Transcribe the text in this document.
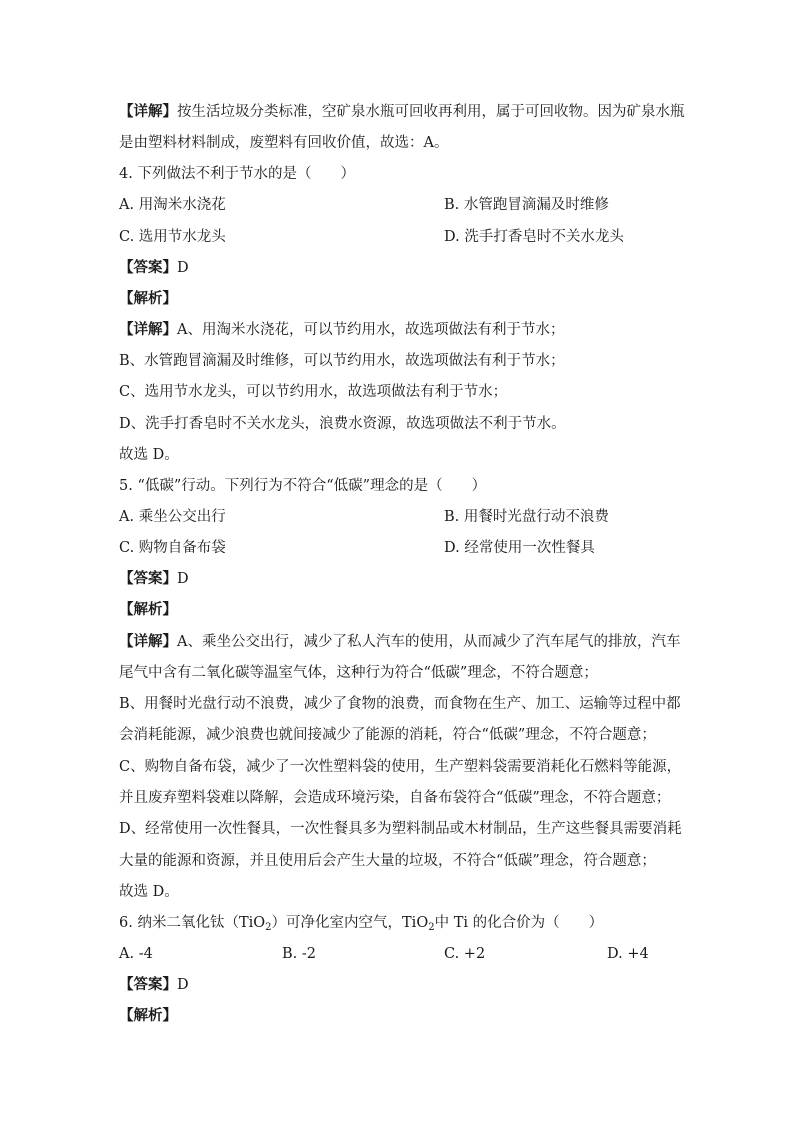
【详解】按生活垃圾分类标准，空矿泉水瓶可回收再利用，属于可回收物。因为矿泉水瓶
是由塑料材料制成，废塑料有回收价值，故选：A。
4. 下列做法不利于节水的是（　　）
A. 用淘米水浇花	B. 水管跑冒滴漏及时维修
C. 选用节水龙头	D. 洗手打香皂时不关水龙头
【答案】D
【解析】
【详解】A、用淘米水浇花，可以节约用水，故选项做法有利于节水；
B、水管跑冒滴漏及时维修，可以节约用水，故选项做法有利于节水；
C、选用节水龙头，可以节约用水，故选项做法有利于节水；
D、洗手打香皂时不关水龙头，浪费水资源，故选项做法不利于节水。
故选 D。
5. “低碳”行动。下列行为不符合“低碳”理念的是（　　）
A. 乘坐公交出行	B. 用餐时光盘行动不浪费
C. 购物自备布袋	D. 经常使用一次性餐具
【答案】D
【解析】
【详解】A、乘坐公交出行，减少了私人汽车的使用，从而减少了汽车尾气的排放，汽车
尾气中含有二氧化碳等温室气体，这种行为符合“低碳”理念，不符合题意；
B、用餐时光盘行动不浪费，减少了食物的浪费，而食物在生产、加工、运输等过程中都
会消耗能源，减少浪费也就间接减少了能源的消耗，符合“低碳”理念，不符合题意；
C、购物自备布袋，减少了一次性塑料袋的使用，生产塑料袋需要消耗化石燃料等能源，
并且废弃塑料袋难以降解，会造成环境污染，自备布袋符合“低碳”理念，不符合题意；
D、经常使用一次性餐具，一次性餐具多为塑料制品或木材制品，生产这些餐具需要消耗
大量的能源和资源，并且使用后会产生大量的垃圾，不符合“低碳”理念，符合题意；
故选 D。
6. 纳米二氧化钛（TiO$_2$）可净化室内空气，TiO$_2$中 Ti 的化合价为（　　）
A. -4	B. -2	C. +2	D. +4
【答案】D
【解析】
